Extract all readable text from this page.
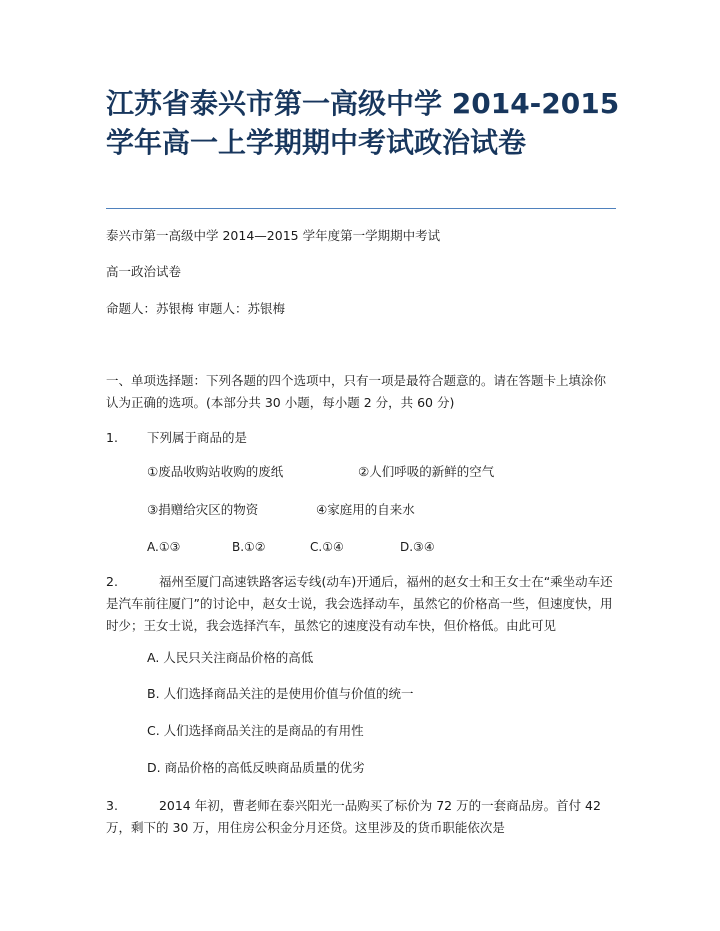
江苏省泰兴市第一高级中学 2014-2015 学年高一上学期期中考试政治试卷
泰兴市第一高级中学 2014—2015 学年度第一学期期中考试
高一政治试卷
命题人：苏银梅 审题人：苏银梅
一、单项选择题：下列各题的四个选项中，只有一项是最符合题意的。请在答题卡上填涂你 认为正确的选项。(本部分共 30 小题，每小题 2 分，共 60 分)
1. 下列属于商品的是
①废品收购站收购的废纸	②人们呼吸的新鲜的空气
③捐赠给灾区的物资	④家庭用的自来水
A.①③	B.①②	C.①④	D.③④
2.	福州至厦门高速铁路客运专线(动车)开通后，福州的赵女士和王女士在“乘坐动车还是汽车前往厦门”的讨论中，赵女士说，我会选择动车，虽然它的价格高一些，但速度快，用时少；王女士说，我会选择汽车，虽然它的速度没有动车快，但价格低。由此可见
A. 人民只关注商品价格的高低
B. 人们选择商品关注的是使用价值与价值的统一
C. 人们选择商品关注的是商品的有用性
D. 商品价格的高低反映商品质量的优劣
3.	2014 年初，曹老师在泰兴阳光一品购买了标价为 72 万的一套商品房。首付 42 万，剩下的 30 万，用住房公积金分月还贷。这里涉及的货币职能依次是
